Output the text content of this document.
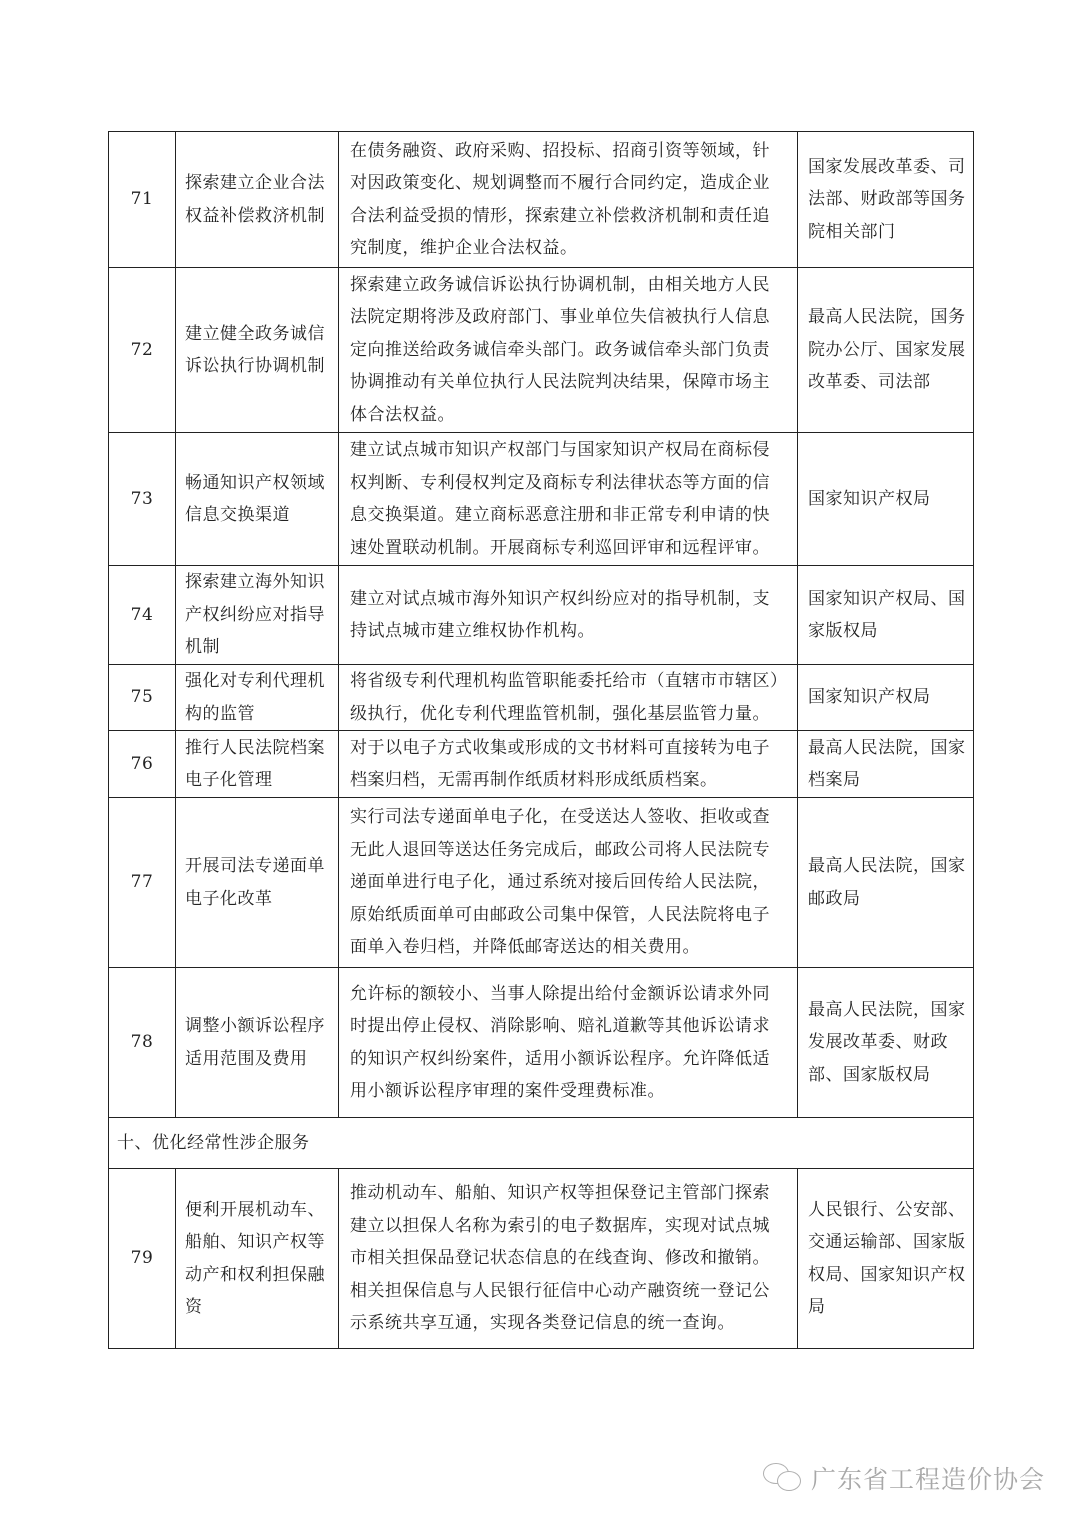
71	探索建立企业合法权益补偿救济机制	在债务融资、政府采购、招投标、招商引资等领域，针对因政策变化、规划调整而不履行合同约定，造成企业合法利益受损的情形，探索建立补偿救济机制和责任追究制度，维护企业合法权益。	国家发展改革委、司法部、财政部等国务院相关部门
72	建立健全政务诚信诉讼执行协调机制	探索建立政务诚信诉讼执行协调机制，由相关地方人民法院定期将涉及政府部门、事业单位失信被执行人信息定向推送给政务诚信牵头部门。政务诚信牵头部门负责协调推动有关单位执行人民法院判决结果，保障市场主体合法权益。	最高人民法院，国务院办公厅、国家发展改革委、司法部
73	畅通知识产权领域信息交换渠道	建立试点城市知识产权部门与国家知识产权局在商标侵权判断、专利侵权判定及商标专利法律状态等方面的信息交换渠道。建立商标恶意注册和非正常专利申请的快速处置联动机制。开展商标专利巡回评审和远程评审。	国家知识产权局
74	探索建立海外知识产权纠纷应对指导机制	建立对试点城市海外知识产权纠纷应对的指导机制，支持试点城市建立维权协作机构。	国家知识产权局、国家版权局
75	强化对专利代理机构的监管	将省级专利代理机构监管职能委托给市（直辖市市辖区）级执行，优化专利代理监管机制，强化基层监管力量。	国家知识产权局
76	推行人民法院档案电子化管理	对于以电子方式收集或形成的文书材料可直接转为电子档案归档，无需再制作纸质材料形成纸质档案。	最高人民法院，国家档案局
77	开展司法专递面单电子化改革	实行司法专递面单电子化，在受送达人签收、拒收或查无此人退回等送达任务完成后，邮政公司将人民法院专递面单进行电子化，通过系统对接后回传给人民法院，原始纸质面单可由邮政公司集中保管，人民法院将电子面单入卷归档，并降低邮寄送达的相关费用。	最高人民法院，国家邮政局
78	调整小额诉讼程序适用范围及费用	允许标的额较小、当事人除提出给付金额诉讼请求外同时提出停止侵权、消除影响、赔礼道歉等其他诉讼请求的知识产权纠纷案件，适用小额诉讼程序。允许降低适用小额诉讼程序审理的案件受理费标准。	最高人民法院，国家发展改革委、财政部、国家版权局
十、优化经常性涉企服务			
79	便利开展机动车、船舶、知识产权等动产和权利担保融资	推动机动车、船舶、知识产权等担保登记主管部门探索建立以担保人名称为索引的电子数据库，实现对试点城市相关担保品登记状态信息的在线查询、修改和撤销。相关担保信息与人民银行征信中心动产融资统一登记公示系统共享互通，实现各类登记信息的统一查询。	人民银行、公安部、交通运输部、国家版权局、国家知识产权局
广东省工程造价协会
